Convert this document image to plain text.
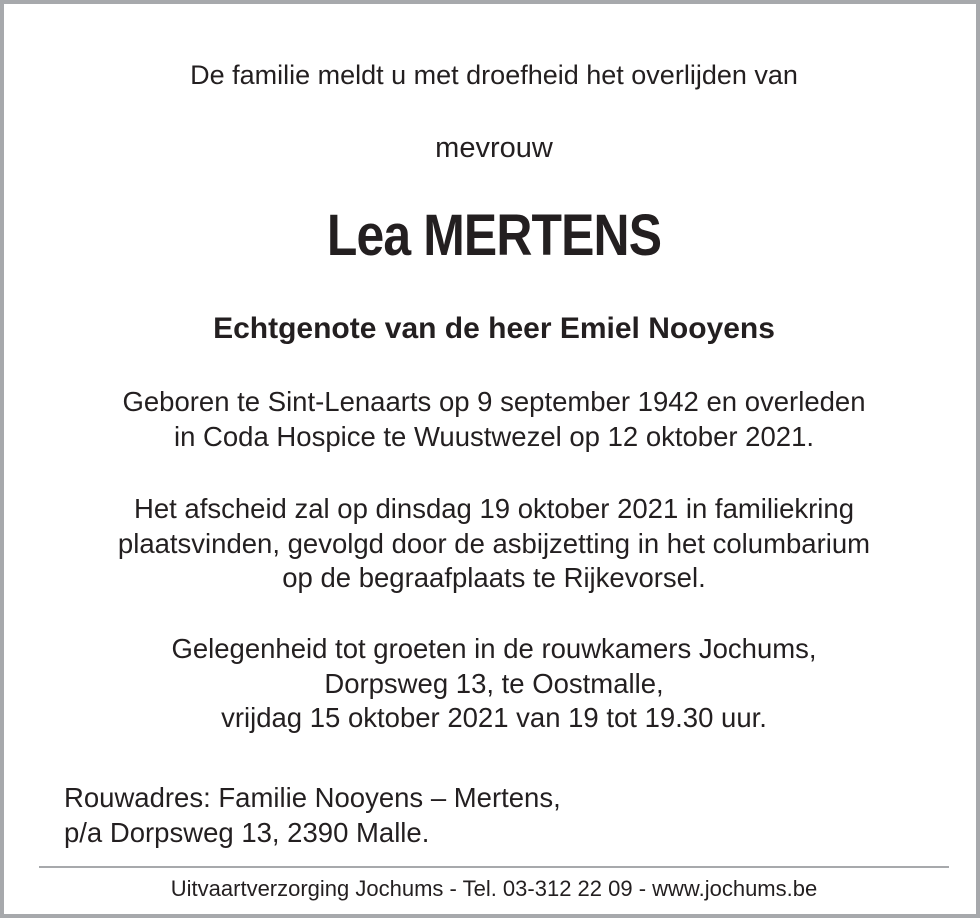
De familie meldt u met droefheid het overlijden van
mevrouw
Lea MERTENS
Echtgenote van de heer Emiel Nooyens
Geboren te Sint-Lenaarts op 9 september 1942 en overleden
in Coda Hospice te Wuustwezel op 12 oktober 2021.
Het afscheid zal op dinsdag 19 oktober 2021 in familiekring
plaatsvinden, gevolgd door de asbijzetting in het columbarium
op de begraafplaats te Rijkevorsel.
Gelegenheid tot groeten in de rouwkamers Jochums,
Dorpsweg 13, te Oostmalle,
vrijdag 15 oktober 2021 van 19 tot 19.30 uur.
Rouwadres: Familie Nooyens – Mertens,
p/a Dorpsweg 13, 2390 Malle.
Uitvaartverzorging Jochums - Tel. 03-312 22 09 - www.jochums.be
